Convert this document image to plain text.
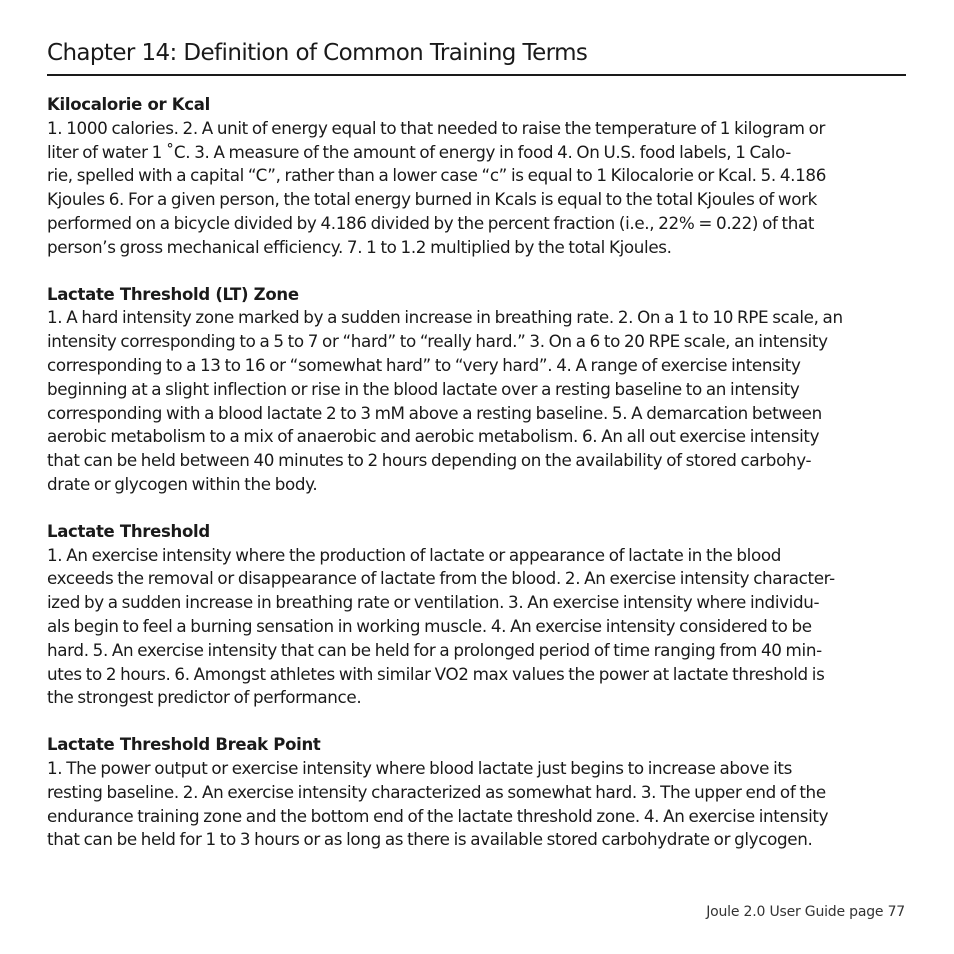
Chapter 14: Definition of Common Training Terms

Kilocalorie or Kcal

1. 1000 calories. 2. A unit of energy equal to that needed to raise the temperature of 1 kilogram or
liter of water 1 ˚C. 3. A measure of the amount of energy in food 4. On U.S. food labels, 1 Calo-
rie, spelled with a capital “C”, rather than a lower case “c” is equal to 1 Kilocalorie or Kcal. 5. 4.186
Kjoules 6. For a given person, the total energy burned in Kcals is equal to the total Kjoules of work
performed on a bicycle divided by 4.186 divided by the percent fraction (i.e., 22% = 0.22) of that
person’s gross mechanical efficiency. 7. 1 to 1.2 multiplied by the total Kjoules.

Lactate Threshold (LT) Zone

1. A hard intensity zone marked by a sudden increase in breathing rate. 2. On a 1 to 10 RPE scale, an
intensity corresponding to a 5 to 7 or “hard” to “really hard.” 3. On a 6 to 20 RPE scale, an intensity
corresponding to a 13 to 16 or “somewhat hard” to “very hard”. 4. A range of exercise intensity
beginning at a slight inflection or rise in the blood lactate over a resting baseline to an intensity
corresponding with a blood lactate 2 to 3 mM above a resting baseline. 5. A demarcation between
aerobic metabolism to a mix of anaerobic and aerobic metabolism. 6. An all out exercise intensity
that can be held between 40 minutes to 2 hours depending on the availability of stored carbohy-
drate or glycogen within the body.

Lactate Threshold

1. An exercise intensity where the production of lactate or appearance of lactate in the blood
exceeds the removal or disappearance of lactate from the blood. 2. An exercise intensity character-
ized by a sudden increase in breathing rate or ventilation. 3. An exercise intensity where individu-
als begin to feel a burning sensation in working muscle. 4. An exercise intensity considered to be
hard. 5. An exercise intensity that can be held for a prolonged period of time ranging from 40 min-
utes to 2 hours. 6. Amongst athletes with similar VO2 max values the power at lactate threshold is
the strongest predictor of performance.

Lactate Threshold Break Point

1. The power output or exercise intensity where blood lactate just begins to increase above its
resting baseline. 2. An exercise intensity characterized as somewhat hard. 3. The upper end of the
endurance training zone and the bottom end of the lactate threshold zone. 4. An exercise intensity
that can be held for 1 to 3 hours or as long as there is available stored carbohydrate or glycogen.

Joule 2.0 User Guide page 77
